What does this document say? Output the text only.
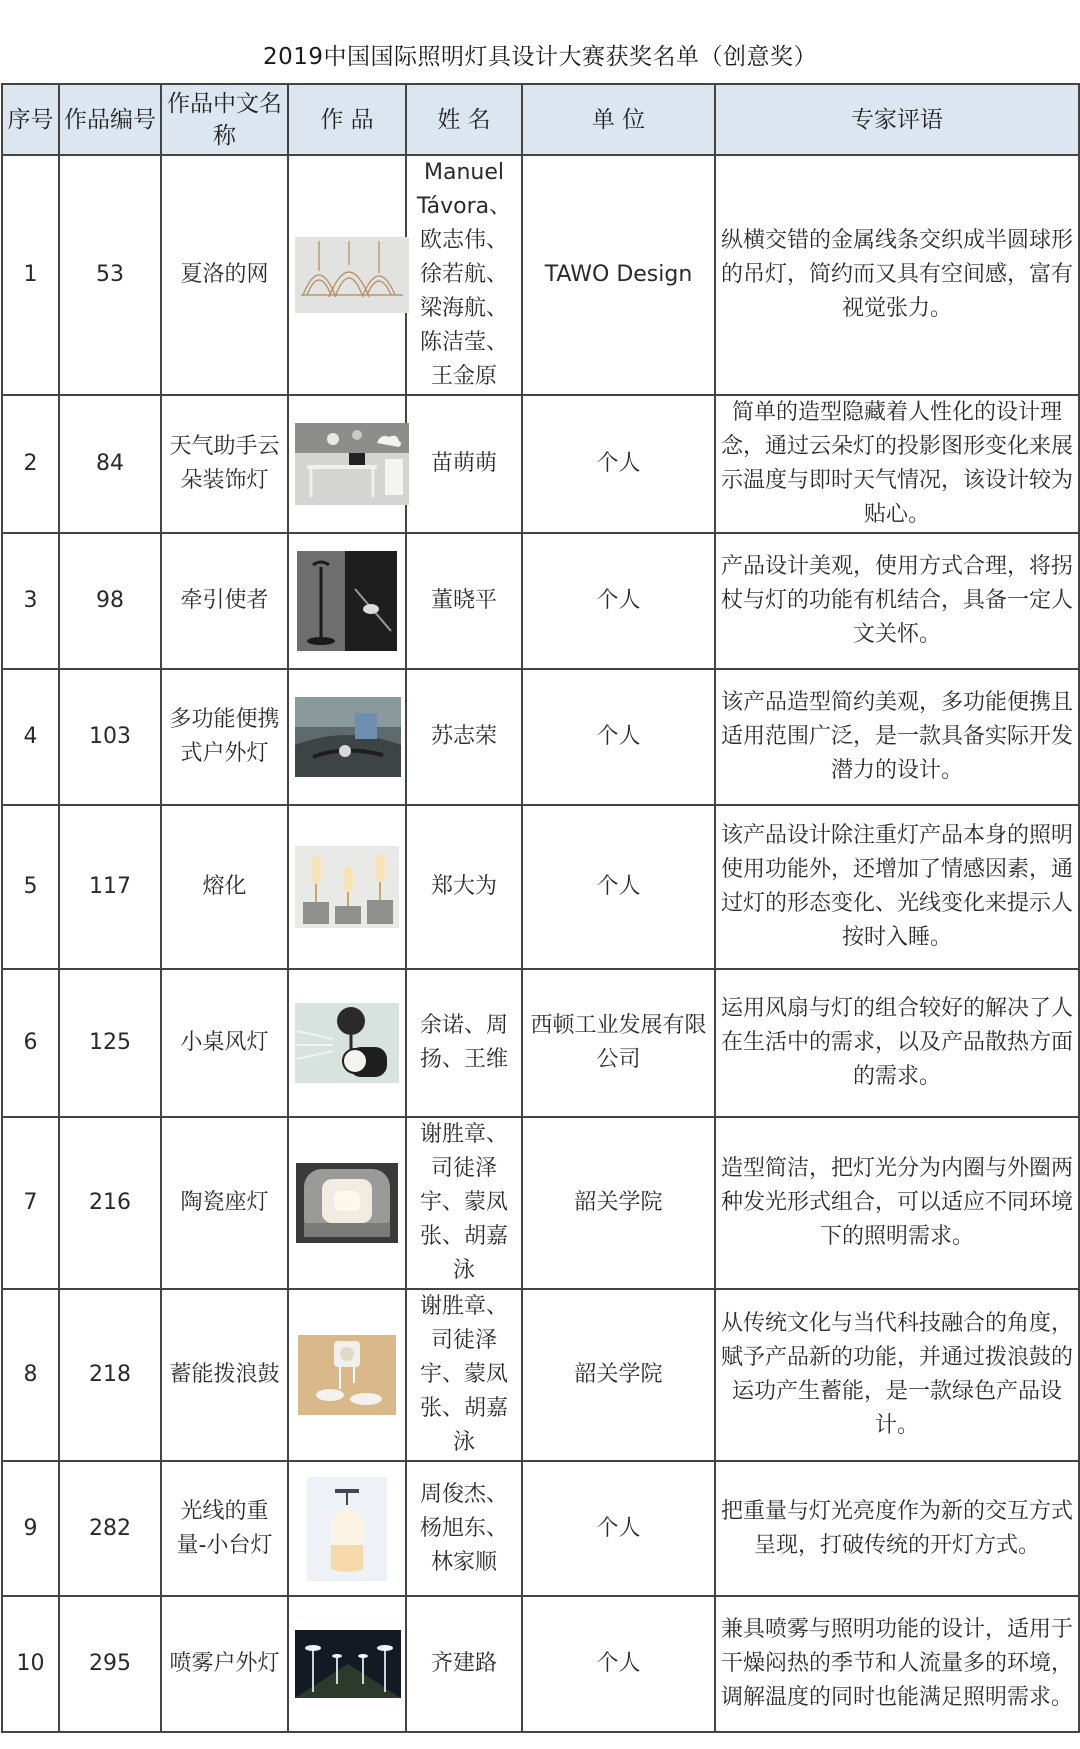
2019中国国际照明灯具设计大赛获奖名单（创意奖）
序号	作品编号	作品中文名称	作 品	姓 名	单 位	专家评语
1	53	夏洛的网		Manuel Távora、欧志伟、徐若航、梁海航、陈洁莹、王金原	TAWO Design	纵横交错的金属线条交织成半圆球形的吊灯，简约而又具有空间感，富有视觉张力。
2	84	天气助手云朵装饰灯		苗萌萌	个人	简单的造型隐藏着人性化的设计理念，通过云朵灯的投影图形变化来展示温度与即时天气情况，该设计较为贴心。
3	98	牵引使者		董晓平	个人	产品设计美观，使用方式合理，将拐杖与灯的功能有机结合，具备一定人文关怀。
4	103	多功能便携式户外灯		苏志荣	个人	该产品造型简约美观，多功能便携且适用范围广泛，是一款具备实际开发潜力的设计。
5	117	熔化		郑大为	个人	该产品设计除注重灯产品本身的照明使用功能外，还增加了情感因素，通过灯的形态变化、光线变化来提示人按时入睡。
6	125	小桌风灯		余诺、周扬、王维	西顿工业发展有限公司	运用风扇与灯的组合较好的解决了人在生活中的需求，以及产品散热方面的需求。
7	216	陶瓷座灯		谢胜章、司徒泽宇、蒙凤张、胡嘉泳	韶关学院	造型简洁，把灯光分为内圈与外圈两种发光形式组合，可以适应不同环境下的照明需求。
8	218	蓄能拨浪鼓		谢胜章、司徒泽宇、蒙凤张、胡嘉泳	韶关学院	从传统文化与当代科技融合的角度，赋予产品新的功能，并通过拨浪鼓的运功产生蓄能，是一款绿色产品设计。
9	282	光线的重量-小台灯		周俊杰、杨旭东、林家顺	个人	把重量与灯光亮度作为新的交互方式呈现，打破传统的开灯方式。
10	295	喷雾户外灯		齐建路	个人	兼具喷雾与照明功能的设计，适用于干燥闷热的季节和人流量多的环境，调解温度的同时也能满足照明需求。
